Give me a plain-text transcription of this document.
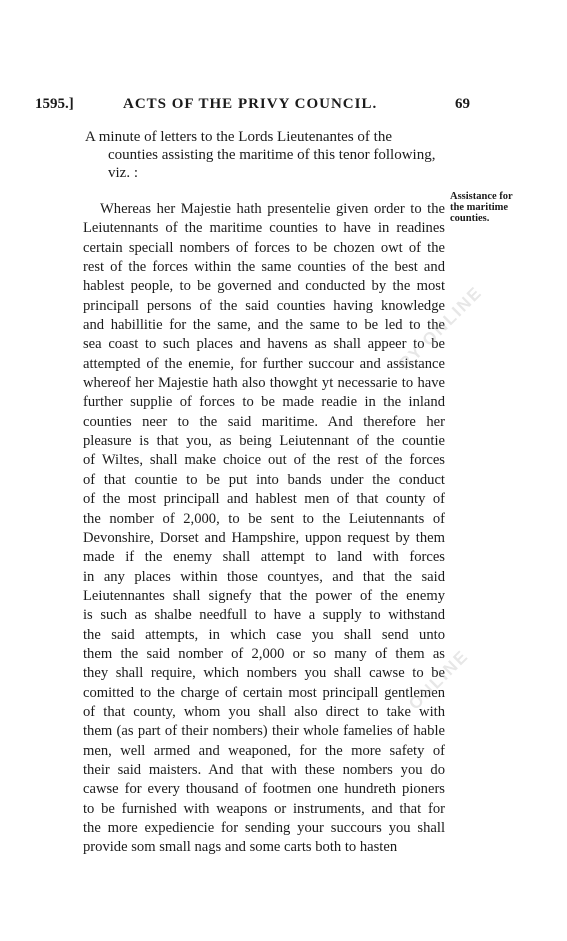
1595.]	ACTS OF THE PRIVY COUNCIL.	69
A minute of letters to the Lords Lieutenantes of the
counties assisting the maritime of this tenor following,
viz. :
Assistance for
the maritime
counties.
Whereas her Majestie hath presentelie given order to the
Leiutennants of the maritime counties to have in readines
certain speciall nombers of forces to be chozen owt of the
rest of the forces within the same counties of the best and
hablest people, to be governed and conducted by the most
principall persons of the said counties having knowledge
and habillitie for the same, and the same to be led to the
sea coast to such places and havens as shall appeer to be
attempted of the enemie, for further succour and assistance
whereof her Majestie hath also thowght yt necessarie to have
further supplie of forces to be made readie in the inland
counties neer to the said maritime. And therefore her
pleasure is that you, as being Leiutennant of the countie
of Wiltes, shall make choice out of the rest of the forces
of that countie to be put into bands under the conduct
of the most principall and hablest men of that county of
the nomber of 2,000, to be sent to the Leiutennants of
Devonshire, Dorset and Hampshire, uppon request by them
made if the enemy shall attempt to land with forces
in any places within those countyes, and that the said
Leiutennantes shall signefy that the power of the enemy
is such as shalbe needfull to have a supply to withstand
the said attempts, in which case you shall send unto
them the said nomber of 2,000 or so many of them as
they shall require, which nombers you shall cawse to be
comitted to the charge of certain most principall gentlemen
of that county, whom you shall also direct to take with
them (as part of their nombers) their whole famelies of hable
men, well armed and weaponed, for the more safety of
their said maisters. And that with these nombers you do
cawse for every thousand of footmen one hundreth pioners
to be furnished with weapons or instruments, and that for
the more expediencie for sending your succours you shall
provide som small nags and some carts both to hasten
RY ONLINE
ONLINE
